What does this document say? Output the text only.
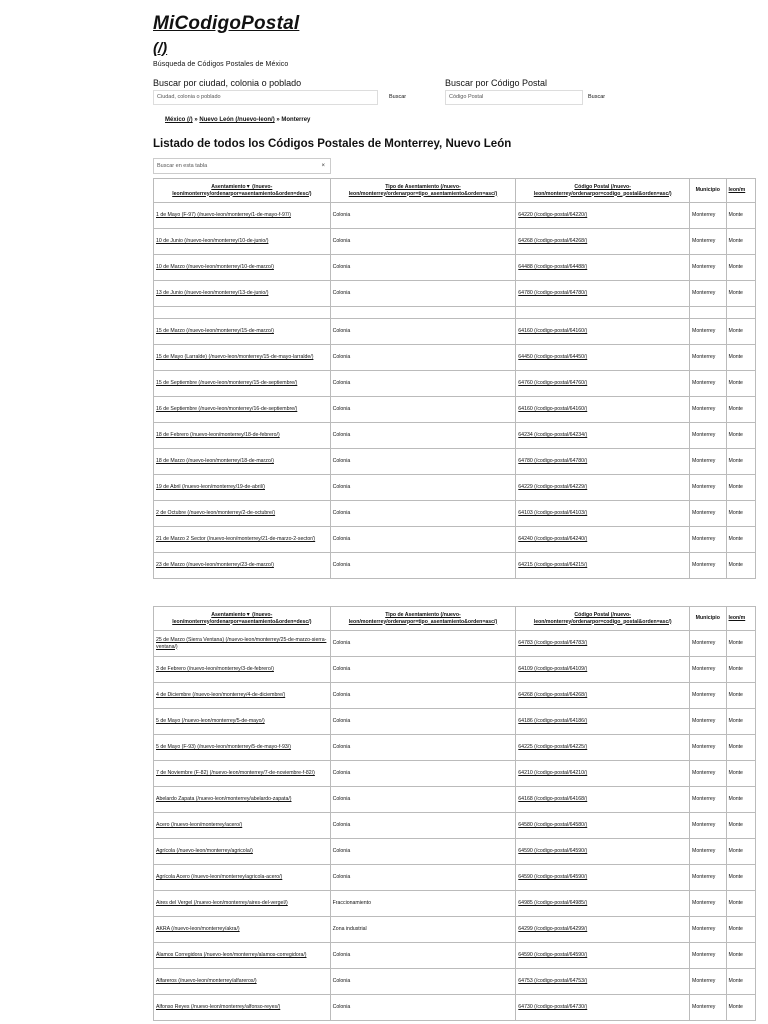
MiCodigoPostal
(/)
Búsqueda de Códigos Postales de México
Buscar por ciudad, colonia o poblado
Ciudad, colonia o poblado	Buscar
Buscar por Código Postal
Código Postal	Buscar
México (/) » Nuevo León (/nuevo-leon/) » Monterrey
Listado de todos los Códigos Postales de Monterrey, Nuevo León
Buscar en esta tabla	×
Asentamiento▼ (/nuevo-leon/monterrey/ordenarpor=asentamiento&orden=desc/)	Tipo de Asentamiento (/nuevo-leon/monterrey/ordenarpor=tipo_asentamiento&orden=asc/)	Código Postal (/nuevo-leon/monterrey/ordenarpor=codigo_postal&orden=asc/)	Municipio	leon/m
1 de Mayo (F-97) (/nuevo-leon/monterrey/1-de-mayo-f-97/)	Colonia	64220 (/codigo-postal/64220/)	Monterrey	Monte
10 de Junio (/nuevo-leon/monterrey/10-de-junio/)	Colonia	64268 (/codigo-postal/64268/)	Monterrey	Monte
10 de Marzo (/nuevo-leon/monterrey/10-de-marzo/)	Colonia	64488 (/codigo-postal/64488/)	Monterrey	Monte
13 de Junio (/nuevo-leon/monterrey/13-de-junio/)	Colonia	64780 (/codigo-postal/64780/)	Monterrey	Monte

15 de Marzo (/nuevo-leon/monterrey/15-de-marzo/)	Colonia	64160 (/codigo-postal/64160/)	Monterrey	Monte
15 de Mayo (Larralde) (/nuevo-leon/monterrey/15-de-mayo-larralde/)	Colonia	64450 (/codigo-postal/64450/)	Monterrey	Monte
15 de Septiembre (/nuevo-leon/monterrey/15-de-septiembre/)	Colonia	64760 (/codigo-postal/64760/)	Monterrey	Monte
16 de Septiembre (/nuevo-leon/monterrey/16-de-septiembre/)	Colonia	64160 (/codigo-postal/64160/)	Monterrey	Monte
18 de Febrero (/nuevo-leon/monterrey/18-de-febrero/)	Colonia	64234 (/codigo-postal/64234/)	Monterrey	Monte
18 de Marzo (/nuevo-leon/monterrey/18-de-marzo/)	Colonia	64780 (/codigo-postal/64780/)	Monterrey	Monte
19 de Abril (/nuevo-leon/monterrey/19-de-abril/)	Colonia	64229 (/codigo-postal/64229/)	Monterrey	Monte
2 de Octubre (/nuevo-leon/monterrey/2-de-octubre/)	Colonia	64103 (/codigo-postal/64103/)	Monterrey	Monte
21 de Marzo 2 Sector (/nuevo-leon/monterrey/21-de-marzo-2-sector/)	Colonia	64240 (/codigo-postal/64240/)	Monterrey	Monte
23 de Marzo (/nuevo-leon/monterrey/23-de-marzo/)	Colonia	64215 (/codigo-postal/64215/)	Monterrey	Monte
Asentamiento▼ (/nuevo-leon/monterrey/ordenarpor=asentamiento&orden=desc/)	Tipo de Asentamiento (/nuevo-leon/monterrey/ordenarpor=tipo_asentamiento&orden=asc/)	Código Postal (/nuevo-leon/monterrey/ordenarpor=codigo_postal&orden=asc/)	Municipio	leon/m
25 de Marzo (Sierra Ventana) (/nuevo-leon/monterrey/25-de-marzo-sierra-ventana/)	Colonia	64783 (/codigo-postal/64783/)	Monterrey	Monte
3 de Febrero (/nuevo-leon/monterrey/3-de-febrero/)	Colonia	64109 (/codigo-postal/64109/)	Monterrey	Monte
4 de Diciembre (/nuevo-leon/monterrey/4-de-diciembre/)	Colonia	64268 (/codigo-postal/64268/)	Monterrey	Monte
5 de Mayo (/nuevo-leon/monterrey/5-de-mayo/)	Colonia	64186 (/codigo-postal/64186/)	Monterrey	Monte
5 de Mayo (F-93) (/nuevo-leon/monterrey/5-de-mayo-f-93/)	Colonia	64225 (/codigo-postal/64225/)	Monterrey	Monte
7 de Noviembre (F-82) (/nuevo-leon/monterrey/7-de-noviembre-f-82/)	Colonia	64210 (/codigo-postal/64210/)	Monterrey	Monte
Abelardo Zapata (/nuevo-leon/monterrey/abelardo-zapata/)	Colonia	64168 (/codigo-postal/64168/)	Monterrey	Monte
Acero (/nuevo-leon/monterrey/acero/)	Colonia	64580 (/codigo-postal/64580/)	Monterrey	Monte
Agrícola (/nuevo-leon/monterrey/agricola/)	Colonia	64590 (/codigo-postal/64590/)	Monterrey	Monte
Agrícola Acero (/nuevo-leon/monterrey/agricola-acero/)	Colonia	64590 (/codigo-postal/64590/)	Monterrey	Monte
Aires del Vergel (/nuevo-leon/monterrey/aires-del-vergel/)	Fraccionamiento	64985 (/codigo-postal/64985/)	Monterrey	Monte
AKRA (/nuevo-leon/monterrey/akra/)	Zona industrial	64299 (/codigo-postal/64299/)	Monterrey	Monte
Álamos Corregidora (/nuevo-leon/monterrey/alamos-corregidora/)	Colonia	64590 (/codigo-postal/64590/)	Monterrey	Monte
Alfareros (/nuevo-leon/monterrey/alfareros/)	Colonia	64753 (/codigo-postal/64753/)	Monterrey	Monte
Alfonso Reyes (/nuevo-leon/monterrey/alfonso-reyes/)	Colonia	64730 (/codigo-postal/64730/)	Monterrey	Monte
